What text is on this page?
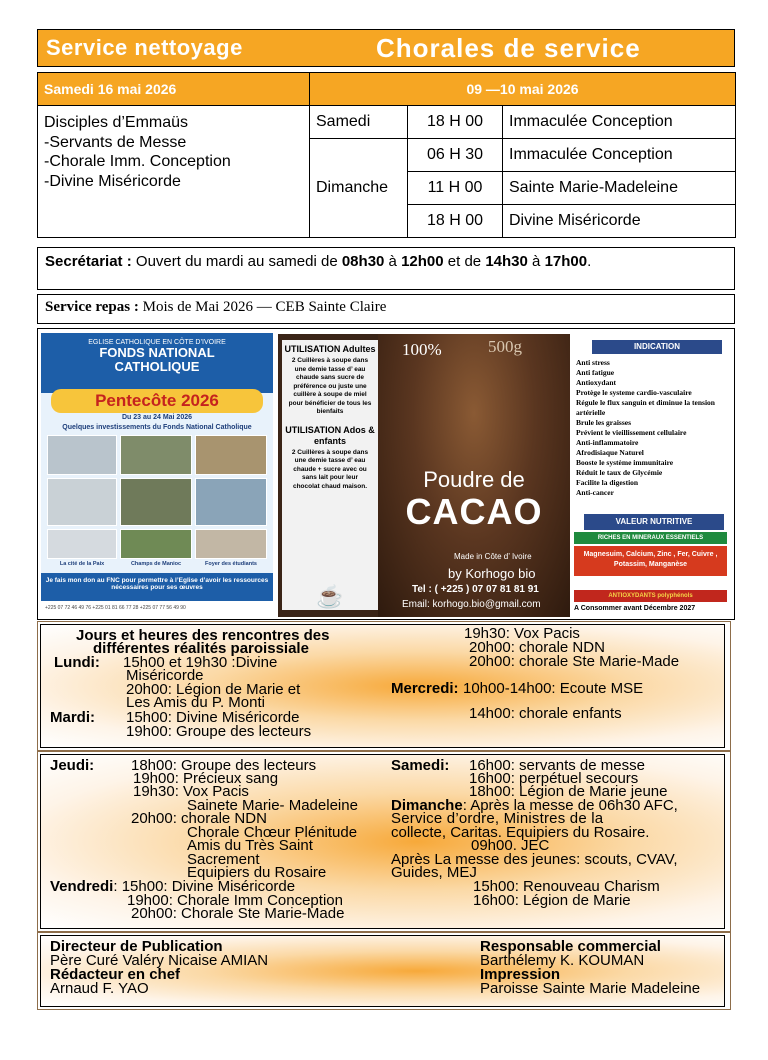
Service nettoyage	Chorales de service
Samedi 16 mai 2026	09 —10 mai 2026		

Disciples d’Emmaüs
-Servants de Messe
-Chorale Imm. Conception
-Divine Miséricorde	Samedi	18 H 00	Immaculée Conception
	Dimanche	06 H 30	Immaculée Conception
		11 H 00	Sainte Marie-Madeleine
		18 H 00	Divine Miséricorde
Secrétariat : Ouvert du mardi au samedi de 08h30 à 12h00 et de 14h30 à 17h00.
Service repas : Mois de Mai 2026 — CEB Sainte Claire
EGLISE CATHOLIQUE EN CÔTE D’IVOIRE
FONDS NATIONAL
CATHOLIQUE
Pentecôte 2026
Du 23 au 24 Mai 2026
Quelques investissements du Fonds National Catholique
La cité de la Paix	Champs de Manioc	Foyer des étudiants
Je fais mon don au FNC pour permettre à l’Eglise d’avoir les ressources nécessaires pour ses œuvres
+225 07 72 46 49 76 +225 01 81 66 77 28 +225 07 77 56 49 90
UTILISATION Adultes
2 Cuillères à soupe dans une demie tasse d’ eau chaude sans sucre de préférence ou juste une cuillère à soupe de miel pour bénéficier de tous les bienfaits
UTILISATION Ados & enfants
2 Cuillères à soupe dans une demie tasse d’ eau chaude + sucre avec ou sans lait pour leur chocolat chaud maison.
☕
100%	500g
Poudre de
CACAO
Made in Côte d’ Ivoire
by Korhogo bio
Tel : ( +225 ) 07 07 81 81 91
Email: korhogo.bio@gmail.com
INDICATION
Anti stress
Anti fatigue
Antioxydant
Protège le systeme cardio-vasculaire
Régule le flux sanguin et diminue la tension artérielle
Brule les graisses
Prévient le vieillissement cellulaire
Anti-inflammatoire
Afrodisiaque Naturel
Booste le système immunitaire
Réduit le taux de Glycémie
Facilite la digestion
Anti-cancer
VALEUR NUTRITIVE
RICHES EN MINERAUX ESSENTIELS
Magnesuim, Calcium, Zinc , Fer, Cuivre , Potassim, Manganèse
ANTIOXYDANTS polyphénols
A Consommer avant Décembre 2027
Jours et heures des rencontres des
différentes réalités paroissiale
Lundi: 15h00 et 19h30 :Divine
Miséricorde
20h00: Légion de Marie et
Les Amis du P. Monti
Mardi: 15h00: Divine Miséricorde
19h00: Groupe des lecteurs
19h30: Vox Pacis
20h00: chorale NDN
20h00: chorale Ste Marie-Made
Mercredi: 10h00-14h00: Ecoute MSE
14h00: chorale enfants
Jeudi: 18h00: Groupe des lecteurs
19h00: Précieux sang
19h30: Vox Pacis
Sainete Marie- Madeleine
20h00: chorale NDN
Chorale Chœur Plénitude
Amis du Très Saint
Sacrement
Equipiers du Rosaire
Vendredi: 15h00: Divine Miséricorde
19h00: Chorale Imm Conception
20h00: Chorale Ste Marie-Made
Samedi: 16h00: servants de messe
16h00: perpétuel secours
18h00: Légion de Marie jeune
Dimanche: Après la messe de 06h30 AFC,
Service d’ordre, Ministres de la
collecte, Caritas. Equipiers du Rosaire.
09h00. JEC
Après La messe des jeunes: scouts, CVAV,
Guides, MEJ
15h00: Renouveau Charism
16h00: Légion de Marie
Directeur de Publication
Père Curé Valéry Nicaise AMIAN
Rédacteur en chef
Arnaud F. YAO
Responsable commercial
Barthélemy K. KOUMAN
Impression
Paroisse Sainte Marie Madeleine
